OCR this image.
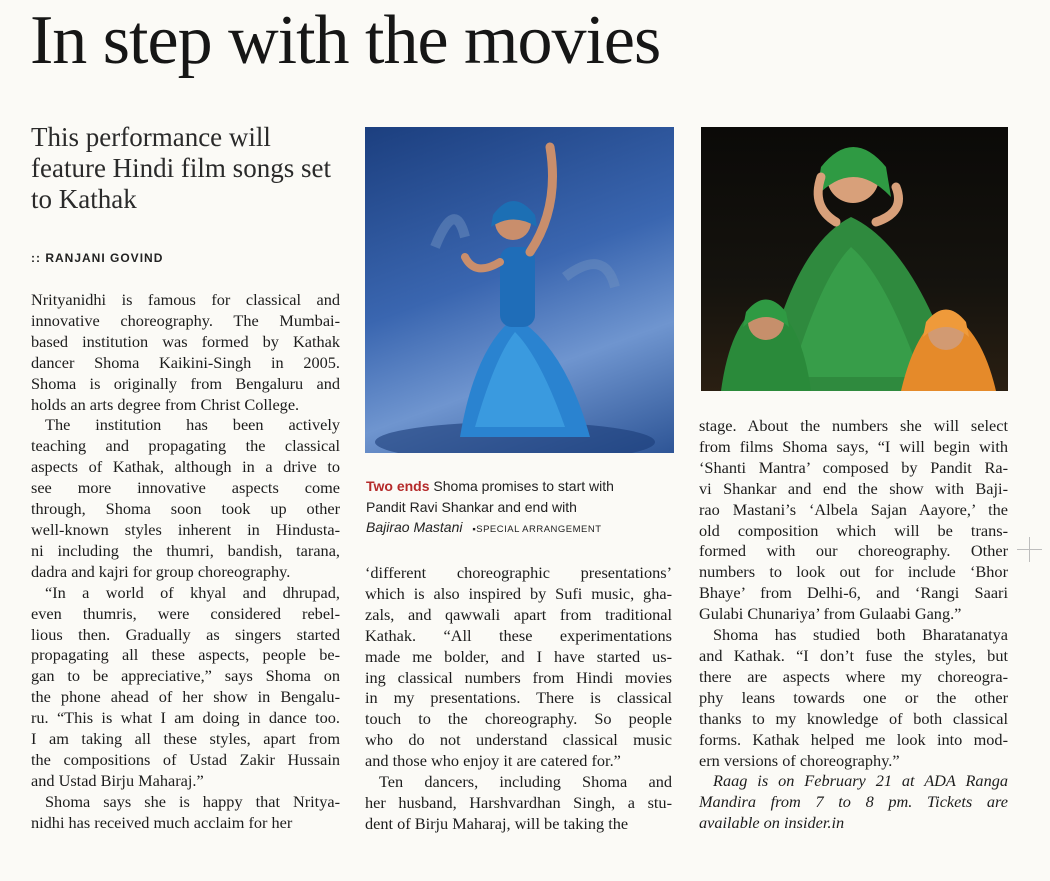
In step with the movies
This performance will feature Hindi film songs set to Kathak
:: RANJANI GOVIND
Nrityanidhi is famous for classical and
innovative choreography. The Mumbai-
based institution was formed by Kathak
dancer Shoma Kaikini-Singh in 2005.
Shoma is originally from Bengaluru and
holds an arts degree from Christ College.
The institution has been actively
teaching and propagating the classical
aspects of Kathak, although in a drive to
see more innovative aspects come
through, Shoma soon took up other
well-known styles inherent in Hindusta-
ni including the thumri, bandish, tarana,
dadra and kajri for group choreography.
“In a world of khyal and dhrupad,
even thumris, were considered rebel-
lious then. Gradually as singers started
propagating all these aspects, people be-
gan to be appreciative,” says Shoma on
the phone ahead of her show in Bengalu-
ru. “This is what I am doing in dance too.
I am taking all these styles, apart from
the compositions of Ustad Zakir Hussain
and Ustad Birju Maharaj.”
Shoma says she is happy that Nritya-
nidhi has received much acclaim for her
Two ends Shoma promises to start with
Pandit Ravi Shankar and end with
Bajirao Mastani ▪SPECIAL ARRANGEMENT
‘different choreographic presentations’
which is also inspired by Sufi music, gha-
zals, and qawwali apart from traditional
Kathak. “All these experimentations
made me bolder, and I have started us-
ing classical numbers from Hindi movies
in my presentations. There is classical
touch to the choreography. So people
who do not understand classical music
and those who enjoy it are catered for.”
Ten dancers, including Shoma and
her husband, Harshvardhan Singh, a stu-
dent of Birju Maharaj, will be taking the
stage. About the numbers she will select
from films Shoma says, “I will begin with
‘Shanti Mantra’ composed by Pandit Ra-
vi Shankar and end the show with Baji-
rao Mastani’s ‘Albela Sajan Aayore,’ the
old composition which will be trans-
formed with our choreography. Other
numbers to look out for include ‘Bhor
Bhaye’ from Delhi-6, and ‘Rangi Saari
Gulabi Chunariya’ from Gulaabi Gang.”
Shoma has studied both Bharatanatya
and Kathak. “I don’t fuse the styles, but
there are aspects where my choreogra-
phy leans towards one or the other
thanks to my knowledge of both classical
forms. Kathak helped me look into mod-
ern versions of choreography.”
Raag is on February 21 at ADA Ranga
Mandira from 7 to 8 pm. Tickets are
available on insider.in
